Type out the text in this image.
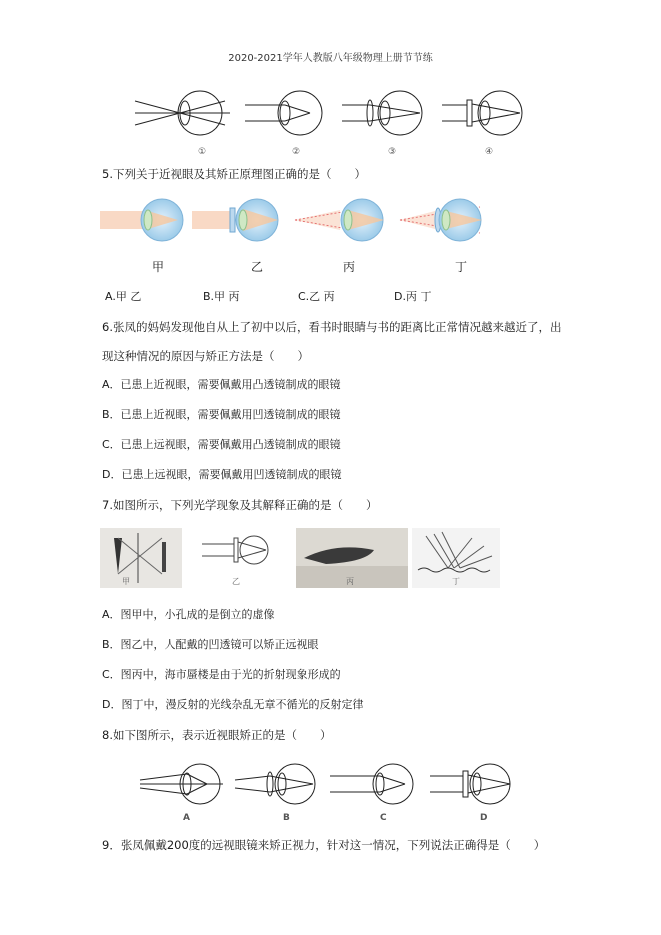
2020-2021学年人教版八年级物理上册节节练
①	②	③	④
5.下列关于近视眼及其矫正原理图正确的是（　　）
甲	乙	丙	丁
A.甲 乙	B.甲 丙	C.乙 丙	D.丙 丁
6.张凤的妈妈发现他自从上了初中以后，看书时眼睛与书的距离比正常情况越来越近了，出
现这种情况的原因与矫正方法是（　　）
A．已患上近视眼，需要佩戴用凸透镜制成的眼镜
B．已患上近视眼，需要佩戴用凹透镜制成的眼镜
C．已患上远视眼，需要佩戴用凸透镜制成的眼镜
D．已患上远视眼，需要佩戴用凹透镜制成的眼镜
7.如图所示，下列光学现象及其解释正确的是（　　）
甲	乙	丙	丁
A．图甲中，小孔成的是倒立的虚像
B．图乙中，人配戴的凹透镜可以矫正远视眼
C．图丙中，海市蜃楼是由于光的折射现象形成的
D．图丁中，漫反射的光线杂乱无章不循光的反射定律
8.如下图所示，表示近视眼矫正的是（　　）
A	B	C	D
9．张凤佩戴200度的远视眼镜来矫正视力，针对这一情况，下列说法正确得是（　　）
